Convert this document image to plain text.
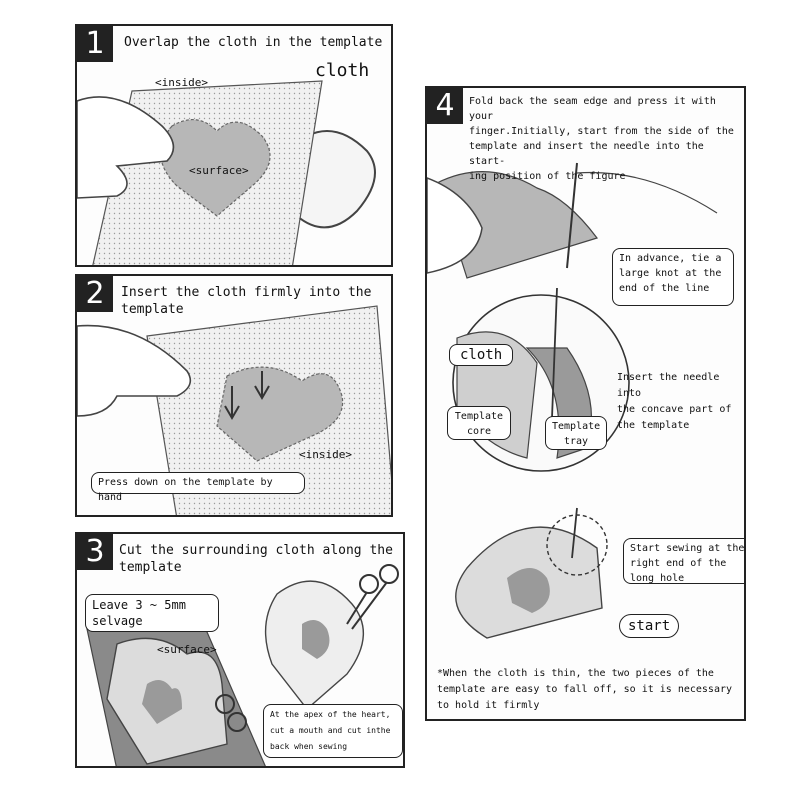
1	Overlap the cloth in the template
<inside>
cloth
<surface>
2	Insert the cloth firmly into the
template
<inside>
Press down on the template by hand
3	Cut the surrounding cloth along the
template
Leave 3 ~ 5mm
selvage
<surface>
At the apex of the heart,
cut a mouth and cut inthe
back when sewing
4	Fold back the seam edge and press it with your
finger.Initially, start from the side of the
template and insert the needle into the start-
ing position of the figure
In advance, tie a
large knot at the
end of the line
cloth
Template
core	Template
tray
Insert the needle into
the concave part of
the template
Start sewing at the
right end of the
long hole
start
*When the cloth is thin, the two pieces of the
template are easy to fall off, so it is necessary
to hold it firmly
